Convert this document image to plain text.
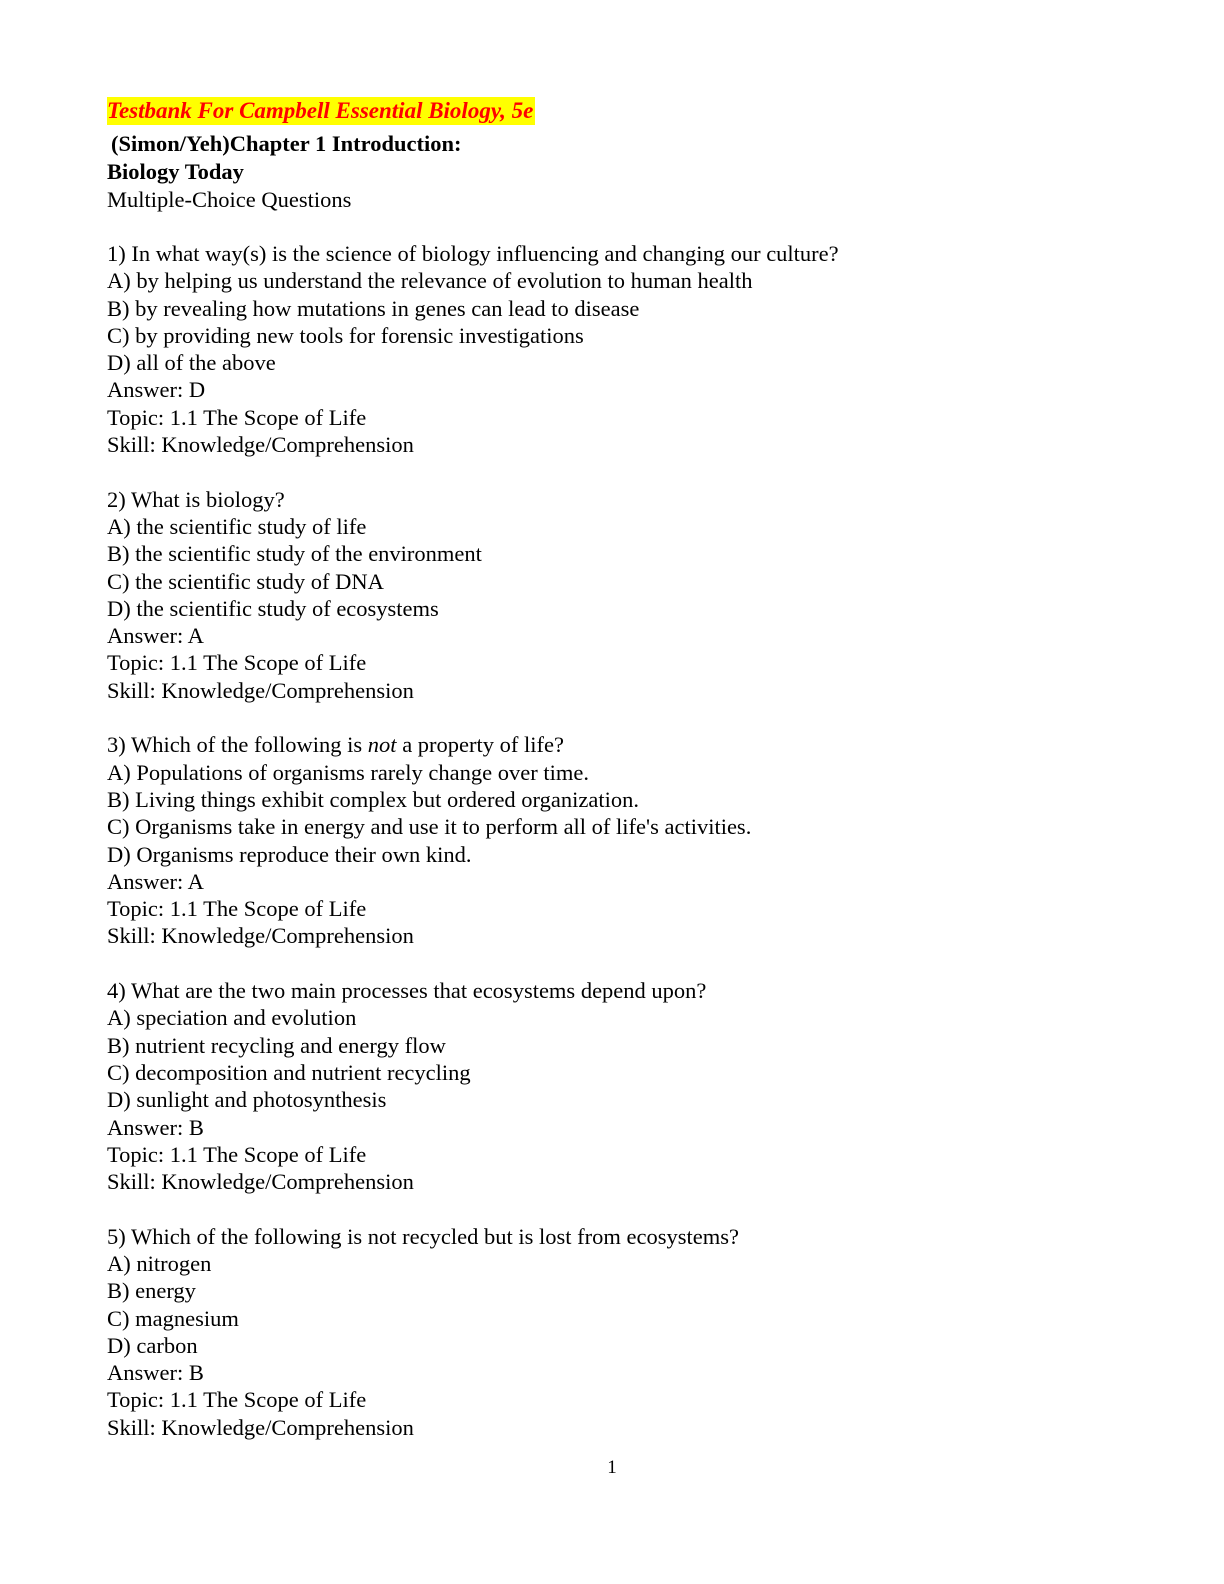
Testbank For Campbell Essential Biology, 5e
(Simon/Yeh)Chapter 1 Introduction:
Biology Today
Multiple-Choice Questions
1) In what way(s) is the science of biology influencing and changing our culture?
A) by helping us understand the relevance of evolution to human health
B) by revealing how mutations in genes can lead to disease
C) by providing new tools for forensic investigations
D) all of the above
Answer: D
Topic: 1.1 The Scope of Life
Skill: Knowledge/Comprehension
2) What is biology?
A) the scientific study of life
B) the scientific study of the environment
C) the scientific study of DNA
D) the scientific study of ecosystems
Answer: A
Topic: 1.1 The Scope of Life
Skill: Knowledge/Comprehension
3) Which of the following is not a property of life?
A) Populations of organisms rarely change over time.
B) Living things exhibit complex but ordered organization.
C) Organisms take in energy and use it to perform all of life's activities.
D) Organisms reproduce their own kind.
Answer: A
Topic: 1.1 The Scope of Life
Skill: Knowledge/Comprehension
4) What are the two main processes that ecosystems depend upon?
A) speciation and evolution
B) nutrient recycling and energy flow
C) decomposition and nutrient recycling
D) sunlight and photosynthesis
Answer: B
Topic: 1.1 The Scope of Life
Skill: Knowledge/Comprehension
5) Which of the following is not recycled but is lost from ecosystems?
A) nitrogen
B) energy
C) magnesium
D) carbon
Answer: B
Topic: 1.1 The Scope of Life
Skill: Knowledge/Comprehension
1
